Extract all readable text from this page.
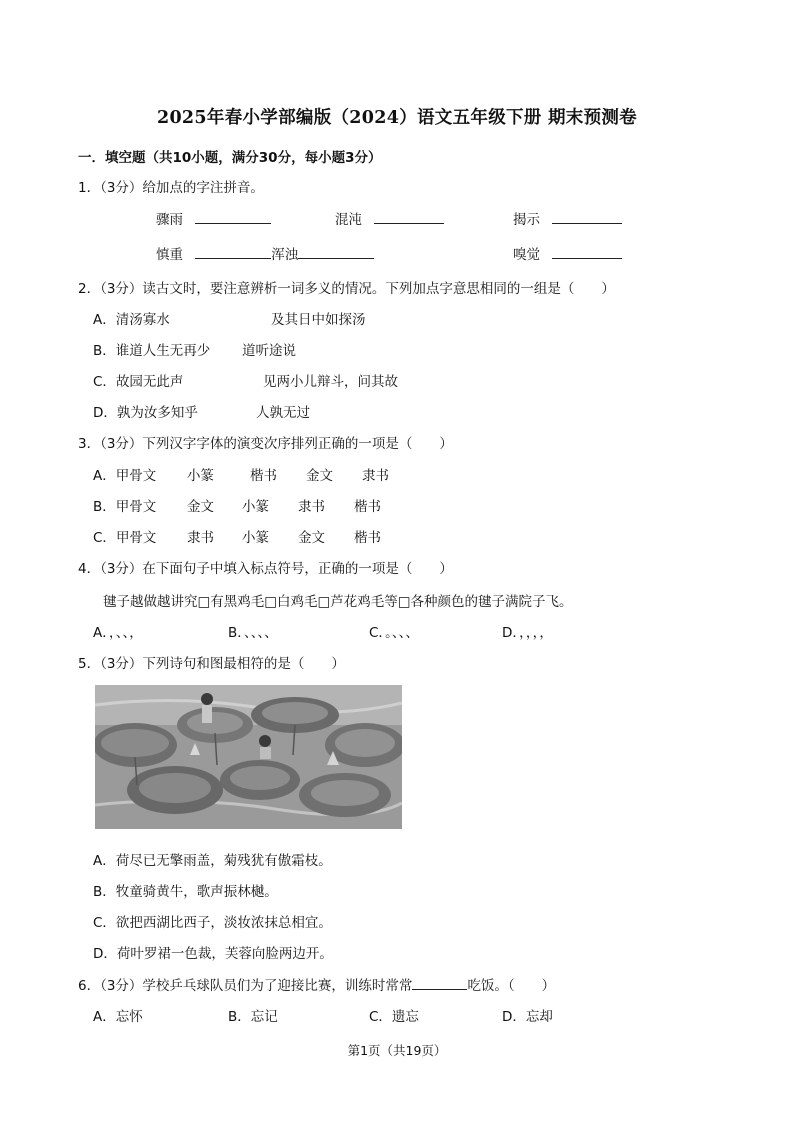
2025年春小学部编版（2024）语文五年级下册 期末预测卷
一．填空题（共10小题，满分30分，每小题3分）
1．（3分）给加点的字注拼音。
骤雨	混沌	揭示
慎重	浑浊	嗅觉
2．（3分）读古文时，要注意辨析一词多义的情况。下列加点字意思相同的一组是（　　）
A．清汤寡水	及其日中如探汤
B．谁道人生无再少 道听途说
C．故园无此声	见两小儿辩斗，问其故
D．孰为汝多知乎	人孰无过
3．（3分）下列汉字字体的演变次序排列正确的一项是（　　）
A．甲骨文 小篆	楷书 金文 隶书
B．甲骨文 金文 小篆 隶书 楷书
C．甲骨文 隶书 小篆 金文 楷书
4．（3分）在下面句子中填入标点符号，正确的一项是（　　）
毽子越做越讲究□有黑鸡毛□白鸡毛□芦花鸡毛等□各种颜色的毽子满院子飞。
A．，、、，	B．、、、、	C．。、、、	D．，，，，
5．（3分）下列诗句和图最相符的是（　　）
A．荷尽已无擎雨盖，菊残犹有傲霜枝。
B．牧童骑黄牛，歌声振林樾。
C．欲把西湖比西子，淡妆浓抹总相宜。
D．荷叶罗裙一色裁，芙蓉向脸两边开。
6．（3分）学校乒乓球队员们为了迎接比赛，训练时常常	吃饭。（　　）
A．忘怀	B．忘记	C．遗忘	D．忘却
第1页（共19页）
